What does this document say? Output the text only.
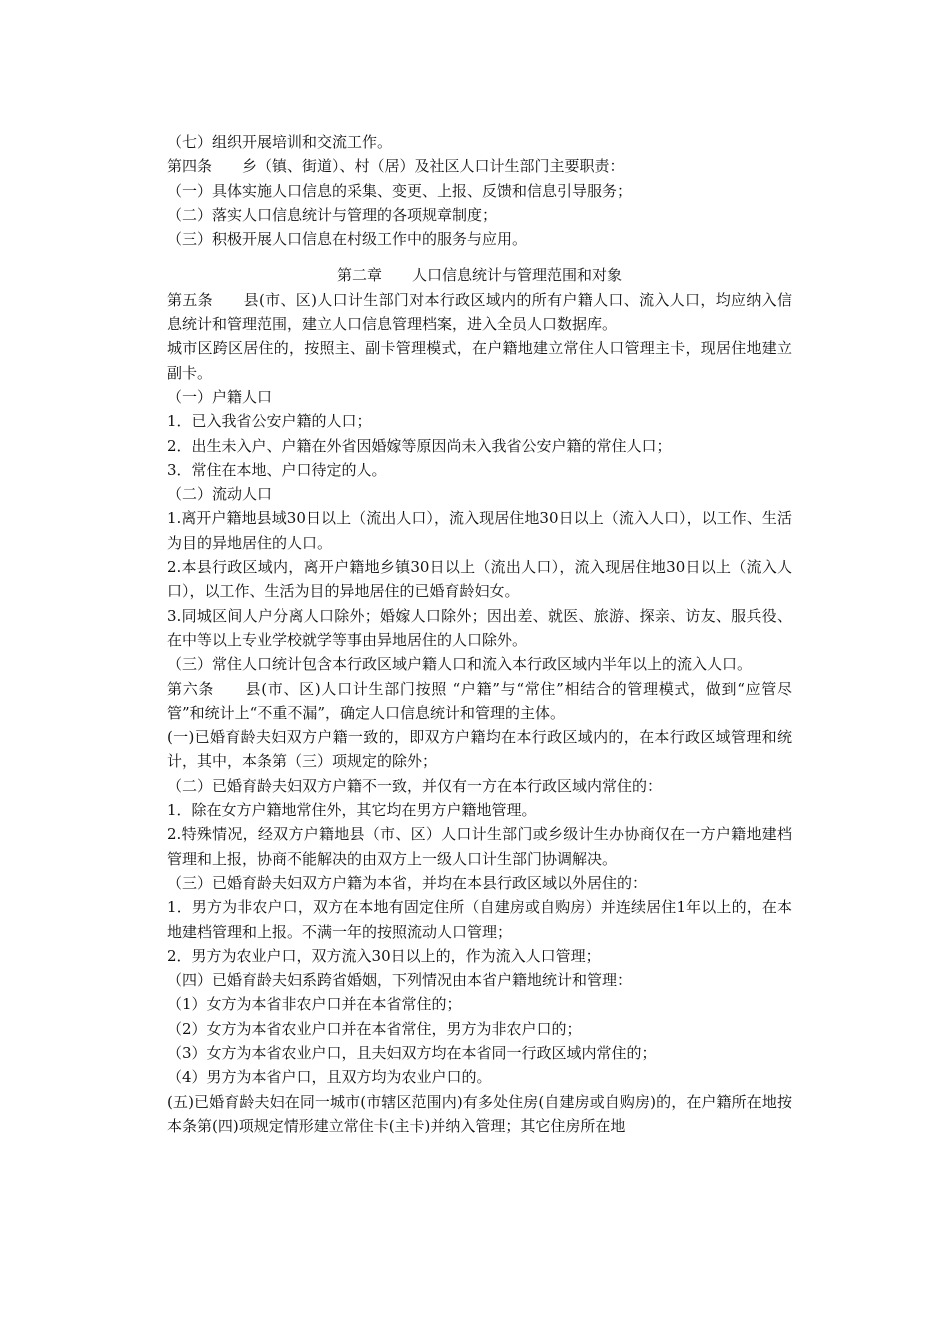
（七）组织开展培训和交流工作。

第四条　　乡（镇、街道）、村（居）及社区人口计生部门主要职责：

（一）具体实施人口信息的采集、变更、上报、反馈和信息引导服务；

（二）落实人口信息统计与管理的各项规章制度；

（三）积极开展人口信息在村级工作中的服务与应用。

第二章　　人口信息统计与管理范围和对象

第五条　　县(市、区)人口计生部门对本行政区域内的所有户籍人口、流入人口，均应纳入信息统计和管理范围，建立人口信息管理档案，进入全员人口数据库。

城市区跨区居住的，按照主、副卡管理模式，在户籍地建立常住人口管理主卡，现居住地建立副卡。

（一）户籍人口

1．已入我省公安户籍的人口；

2．出生未入户、户籍在外省因婚嫁等原因尚未入我省公安户籍的常住人口；

3．常住在本地、户口待定的人。

（二）流动人口

1.离开户籍地县域30日以上（流出人口），流入现居住地30日以上（流入人口），以工作、生活为目的异地居住的人口。

2.本县行政区域内，离开户籍地乡镇30日以上（流出人口），流入现居住地30日以上（流入人口），以工作、生活为目的异地居住的已婚育龄妇女。

3.同城区间人户分离人口除外；婚嫁人口除外；因出差、就医、旅游、探亲、访友、服兵役、在中等以上专业学校就学等事由异地居住的人口除外。

（三）常住人口统计包含本行政区域户籍人口和流入本行政区域内半年以上的流入人口。

第六条　　县(市、区)人口计生部门按照 “户籍”与“常住”相结合的管理模式，做到“应管尽管”和统计上“不重不漏”，确定人口信息统计和管理的主体。

(一)已婚育龄夫妇双方户籍一致的，即双方户籍均在本行政区域内的，在本行政区域管理和统计，其中，本条第（三）项规定的除外；

（二）已婚育龄夫妇双方户籍不一致，并仅有一方在本行政区域内常住的：

1．除在女方户籍地常住外，其它均在男方户籍地管理。

2.特殊情况，经双方户籍地县（市、区）人口计生部门或乡级计生办协商仅在一方户籍地建档管理和上报，协商不能解决的由双方上一级人口计生部门协调解决。

（三）已婚育龄夫妇双方户籍为本省，并均在本县行政区域以外居住的：

1．男方为非农户口，双方在本地有固定住所（自建房或自购房）并连续居住1年以上的，在本地建档管理和上报。不满一年的按照流动人口管理；

2．男方为农业户口，双方流入30日以上的，作为流入人口管理；

（四）已婚育龄夫妇系跨省婚姻，下列情况由本省户籍地统计和管理：

（1）女方为本省非农户口并在本省常住的；

（2）女方为本省农业户口并在本省常住，男方为非农户口的；

（3）女方为本省农业户口，且夫妇双方均在本省同一行政区域内常住的；

（4）男方为本省户口，且双方均为农业户口的。

(五)已婚育龄夫妇在同一城市(市辖区范围内)有多处住房(自建房或自购房)的，在户籍所在地按本条第(四)项规定情形建立常住卡(主卡)并纳入管理；其它住房所在地
